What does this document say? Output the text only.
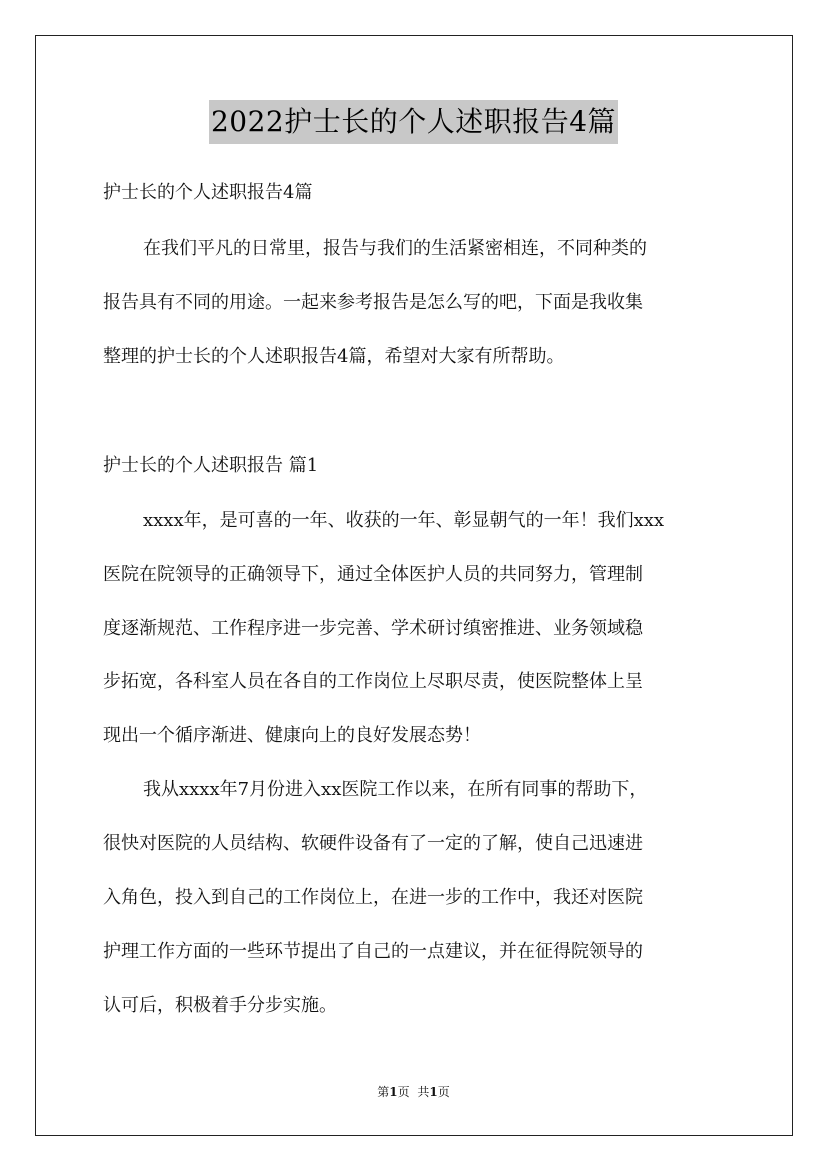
2022护士长的个人述职报告4篇
护士长的个人述职报告4篇
在我们平凡的日常里，报告与我们的生活紧密相连，不同种类的
报告具有不同的用途。一起来参考报告是怎么写的吧，下面是我收集
整理的护士长的个人述职报告4篇，希望对大家有所帮助。
护士长的个人述职报告 篇1
xxxx年，是可喜的一年、收获的一年、彰显朝气的一年！我们xxx
医院在院领导的正确领导下，通过全体医护人员的共同努力，管理制
度逐渐规范、工作程序进一步完善、学术研讨缜密推进、业务领域稳
步拓宽，各科室人员在各自的工作岗位上尽职尽责，使医院整体上呈
现出一个循序渐进、健康向上的良好发展态势！
我从xxxx年7月份进入xx医院工作以来，在所有同事的帮助下，
很快对医院的人员结构、软硬件设备有了一定的了解，使自己迅速进
入角色，投入到自己的工作岗位上，在进一步的工作中，我还对医院
护理工作方面的一些环节提出了自己的一点建议，并在征得院领导的
认可后，积极着手分步实施。
第1页 共1页
